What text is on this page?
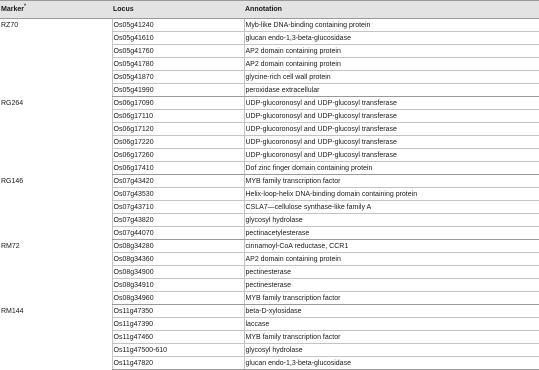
Marker*	Locus	Annotation
RZ70	Os05g41240	Myb-like DNA-binding containing protein
	Os05g41610	glucan endo-1,3-beta-glucosidase
	Os05g41760	AP2 domain containing protein
	Os05g41780	AP2 domain containing protein
	Os05g41870	glycine-rich cell wall protein
	Os05g41990	peroxidase extracellular
RG264	Os06g17090	UDP-glucoronosyl and UDP-glucosyl transferase
	Os06g17110	UDP-glucoronosyl and UDP-glucosyl transferase
	Os06g17120	UDP-glucoronosyl and UDP-glucosyl transferase
	Os06g17220	UDP-glucoronosyl and UDP-glucosyl transferase
	Os06g17260	UDP-glucoronosyl and UDP-glucosyl transferase
	Os06g17410	Dof zinc finger domain containing protein
RG146	Os07g43420	MYB family transcription factor
	Os07g43530	Helix-loop-helix DNA-binding domain containing protein
	Os07g43710	CSLA7—cellulose synthase-like family A
	Os07g43820	glycosyl hydrolase
	Os07g44070	pectinacetylesterase
RM72	Os08g34280	cinnamoyl-CoA reductase, CCR1
	Os08g34360	AP2 domain containing protein
	Os08g34900	pectinesterase
	Os08g34910	pectinesterase
	Os08g34960	MYB family transcription factor
RM144	Os11g47350	beta-D-xylosidase
	Os11g47390	laccase
	Os11g47460	MYB family transcription factor
	Os11g47500-610	glycosyl hydrolase
	Os11g47820	glucan endo-1,3-beta-glucosidase
